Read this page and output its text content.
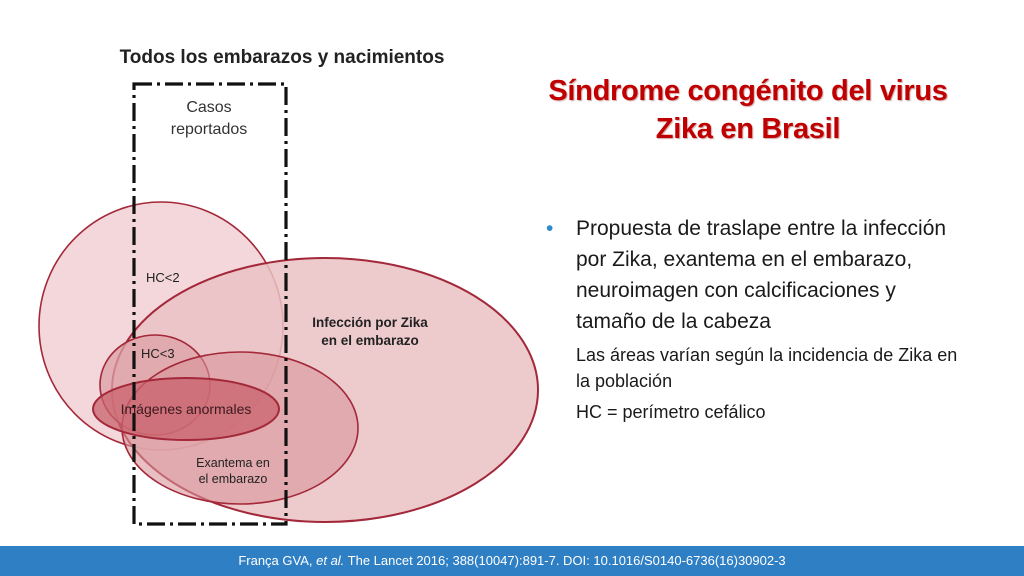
Todos los embarazos y nacimientos
Casos
reportados
HC<2
HC<3
Imágenes anormales
Infección por Zika
en el embarazo
Exantema en
el embarazo
Síndrome congénito del virus
Zika en Brasil
• Propuesta de traslape entre la infección por Zika, exantema en el embarazo, neuroimagen con calcificaciones y tamaño de la cabeza
Las áreas varían según la incidencia de Zika en la población
HC = perímetro cefálico
França GVA, et al. The Lancet 2016; 388(10047):891-7. DOI: 10.1016/S0140-6736(16)30902-3
